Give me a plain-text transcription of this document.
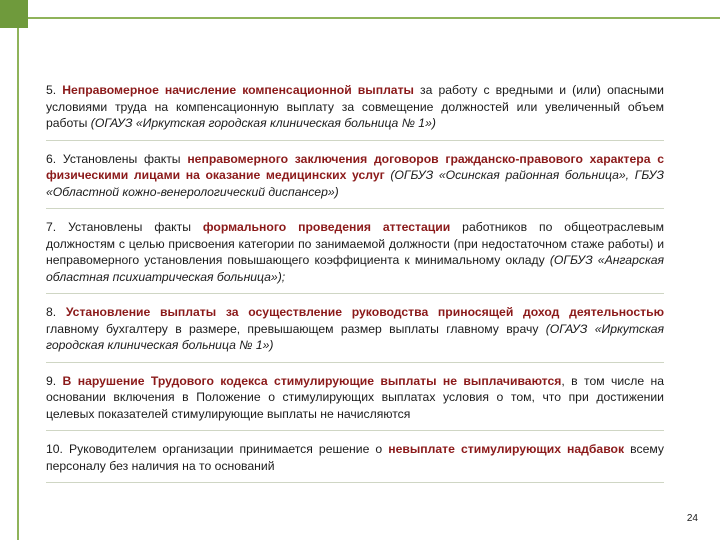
5. Неправомерное начисление компенсационной выплаты за работу с вредными и (или) опасными условиями труда на компенсационную выплату за совмещение должностей или увеличенный объем работы (ОГАУЗ «Иркутская городская клиническая больница № 1»)

6. Установлены факты неправомерного заключения договоров гражданско-правового характера с физическими лицами на оказание медицинских услуг (ОГБУЗ «Осинская районная больница», ГБУЗ «Областной кожно-венерологический диспансер»)

7. Установлены факты формального проведения аттестации работников по общеотраслевым должностям с целью присвоения категории по занимаемой должности (при недостаточном стаже работы) и неправомерного установления повышающего коэффициента к минимальному окладу (ОГБУЗ «Ангарская областная психиатрическая больница»);

8. Установление выплаты за осуществление руководства приносящей доход деятельностью главному бухгалтеру в размере, превышающем размер выплаты главному врачу (ОГАУЗ «Иркутская городская клиническая больница № 1»)

9. В нарушение Трудового кодекса стимулирующие выплаты не выплачиваются, в том числе на основании включения в Положение о стимулирующих выплатах условия о том, что при достижении целевых показателей стимулирующие выплаты не начисляются

10. Руководителем организации принимается решение о невыплате стимулирующих надбавок всему персоналу без наличия на то оснований

24
